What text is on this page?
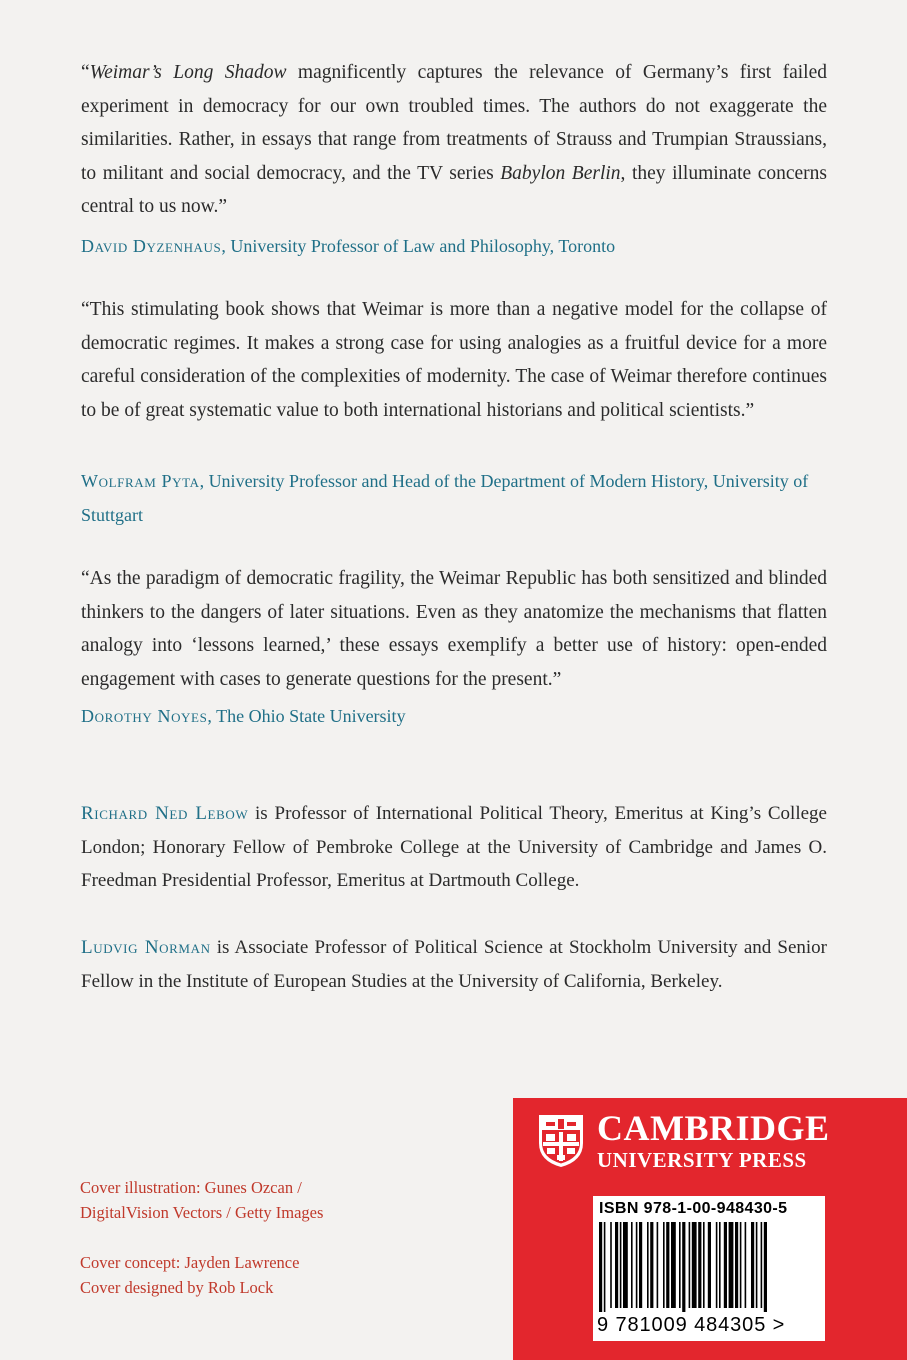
“Weimar’s Long Shadow magnificently captures the relevance of Germany’s first failed experiment in democracy for our own troubled times. The authors do not exaggerate the similarities. Rather, in essays that range from treatments of Strauss and Trumpian Straussians, to militant and social democracy, and the TV series Babylon Berlin, they illuminate concerns central to us now.”

David Dyzenhaus, University Professor of Law and Philosophy, Toronto

“This stimulating book shows that Weimar is more than a negative model for the collapse of democratic regimes. It makes a strong case for using analogies as a fruitful device for a more careful consideration of the complexities of modernity. The case of Weimar therefore continues to be of great systematic value to both international historians and political scientists.”

Wolfram Pyta, University Professor and Head of the Department of Modern History, University of Stuttgart

“As the paradigm of democratic fragility, the Weimar Republic has both sensitized and blinded thinkers to the dangers of later situations. Even as they anatomize the mechanisms that flatten analogy into ‘lessons learned,’ these essays exemplify a better use of history: open-ended engagement with cases to generate questions for the present.”

Dorothy Noyes, The Ohio State University

Richard Ned Lebow is Professor of International Political Theory, Emeritus at King’s College London; Honorary Fellow of Pembroke College at the University of Cambridge and James O. Freedman Presidential Professor, Emeritus at Dartmouth College.

Ludvig Norman is Associate Professor of Political Science at Stockholm University and Senior Fellow in the Institute of European Studies at the University of California, Berkeley.

Cover illustration: Gunes Ozcan /
DigitalVision Vectors / Getty Images
Cover concept: Jayden Lawrence
Cover designed by Rob Lock
CAMBRIDGE
UNIVERSITY PRESS
ISBN 978-1-00-948430-5
9 781009 484305 >
